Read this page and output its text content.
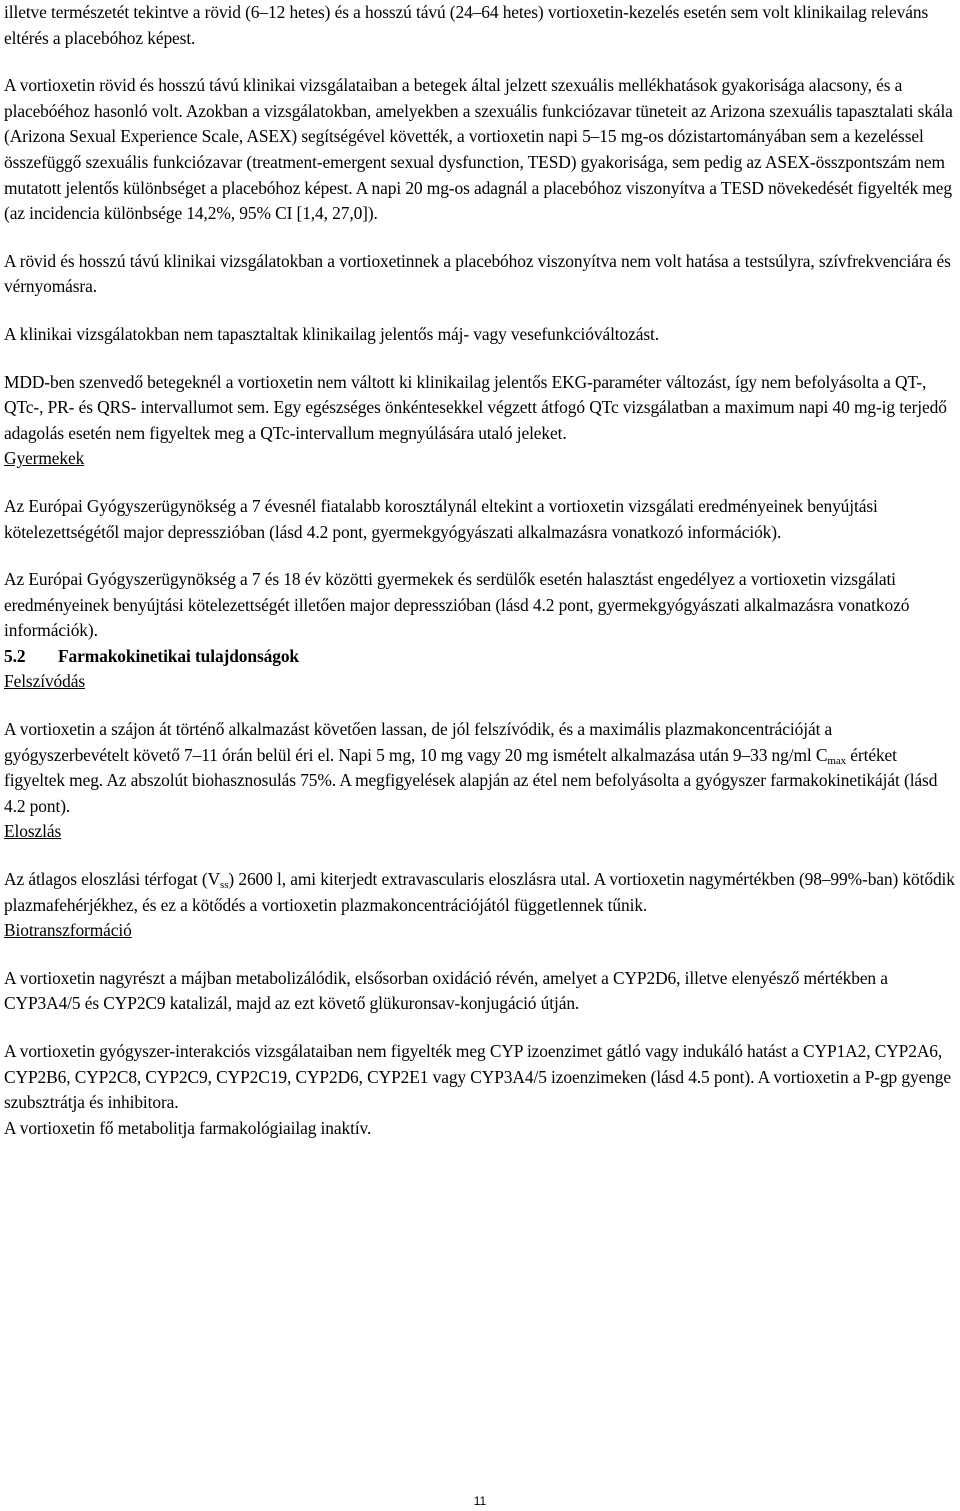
illetve természetét tekintve a rövid (6–12 hetes) és a hosszú távú (24–64 hetes) vortioxetin-kezelés esetén sem volt klinikailag releváns eltérés a placebóhoz képest.

A vortioxetin rövid és hosszú távú klinikai vizsgálataiban a betegek által jelzett szexuális mellékhatások gyakorisága alacsony, és a placebóéhoz hasonló volt. Azokban a vizsgálatokban, amelyekben a szexuális funkciózavar tüneteit az Arizona szexuális tapasztalati skála (Arizona Sexual Experience Scale, ASEX) segítségével követték, a vortioxetin napi 5–15 mg-os dózistartományában sem a kezeléssel összefüggő szexuális funkciózavar (treatment-emergent sexual dysfunction, TESD) gyakorisága, sem pedig az ASEX-összpontszám nem mutatott jelentős különbséget a placebóhoz képest. A napi 20 mg-os adagnál a placebóhoz viszonyítva a TESD növekedését figyelték meg (az incidencia különbsége 14,2%, 95% CI [1,4, 27,0]).

A rövid és hosszú távú klinikai vizsgálatokban a vortioxetinnek a placebóhoz viszonyítva nem volt hatása a testsúlyra, szívfrekvenciára és vérnyomásra.

A klinikai vizsgálatokban nem tapasztaltak klinikailag jelentős máj- vagy vesefunkcióváltozást.

MDD-ben szenvedő betegeknél a vortioxetin nem váltott ki klinikailag jelentős EKG-paraméter változást, így nem befolyásolta a QT-, QTc-, PR- és QRS- intervallumot sem. Egy egészséges önkéntesekkel végzett átfogó QTc vizsgálatban a maximum napi 40 mg-ig terjedő adagolás esetén nem figyeltek meg a QTc-intervallum megnyúlására utaló jeleket.

Gyermekek

Az Európai Gyógyszerügynökség a 7 évesnél fiatalabb korosztálynál eltekint a vortioxetin vizsgálati eredményeinek benyújtási kötelezettségétől major depresszióban (lásd 4.2 pont, gyermekgyógyászati alkalmazásra vonatkozó információk).

Az Európai Gyógyszerügynökség a 7 és 18 év közötti gyermekek és serdülők esetén halasztást engedélyez a vortioxetin vizsgálati eredményeinek benyújtási kötelezettségét illetően major depresszióban (lásd 4.2 pont, gyermekgyógyászati alkalmazásra vonatkozó információk).

5.2 Farmakokinetikai tulajdonságok

Felszívódás

A vortioxetin a szájon át történő alkalmazást követően lassan, de jól felszívódik, és a maximális plazmakoncentrációját a gyógyszerbevételt követő 7–11 órán belül éri el. Napi 5 mg, 10 mg vagy 20 mg ismételt alkalmazása után 9–33 ng/ml $C_{max}$ értéket figyeltek meg. Az abszolút biohasznosulás 75%. A megfigyelések alapján az étel nem befolyásolta a gyógyszer farmakokinetikáját (lásd 4.2 pont).

Eloszlás

Az átlagos eloszlási térfogat $(V_{ss})$ 2600 l, ami kiterjedt extravascularis eloszlásra utal. A vortioxetin nagymértékben (98–99%-ban) kötődik plazmafehérjékhez, és ez a kötődés a vortioxetin plazmakoncentrációjától függetlennek tűnik.

Biotranszformáció

A vortioxetin nagyrészt a májban metabolizálódik, elsősorban oxidáció révén, amelyet a CYP2D6, illetve elenyésző mértékben a CYP3A4/5 és CYP2C9 katalizál, majd az ezt követő glükuronsav-konjugáció útján.

A vortioxetin gyógyszer-interakciós vizsgálataiban nem figyelték meg CYP izoenzimet gátló vagy indukáló hatást a CYP1A2, CYP2A6, CYP2B6, CYP2C8, CYP2C9, CYP2C19, CYP2D6, CYP2E1 vagy CYP3A4/5 izoenzimeken (lásd 4.5 pont). A vortioxetin a P-gp gyenge szubsztrátja és inhibitora.

A vortioxetin fő metabolitja farmakológiailag inaktív.

11
